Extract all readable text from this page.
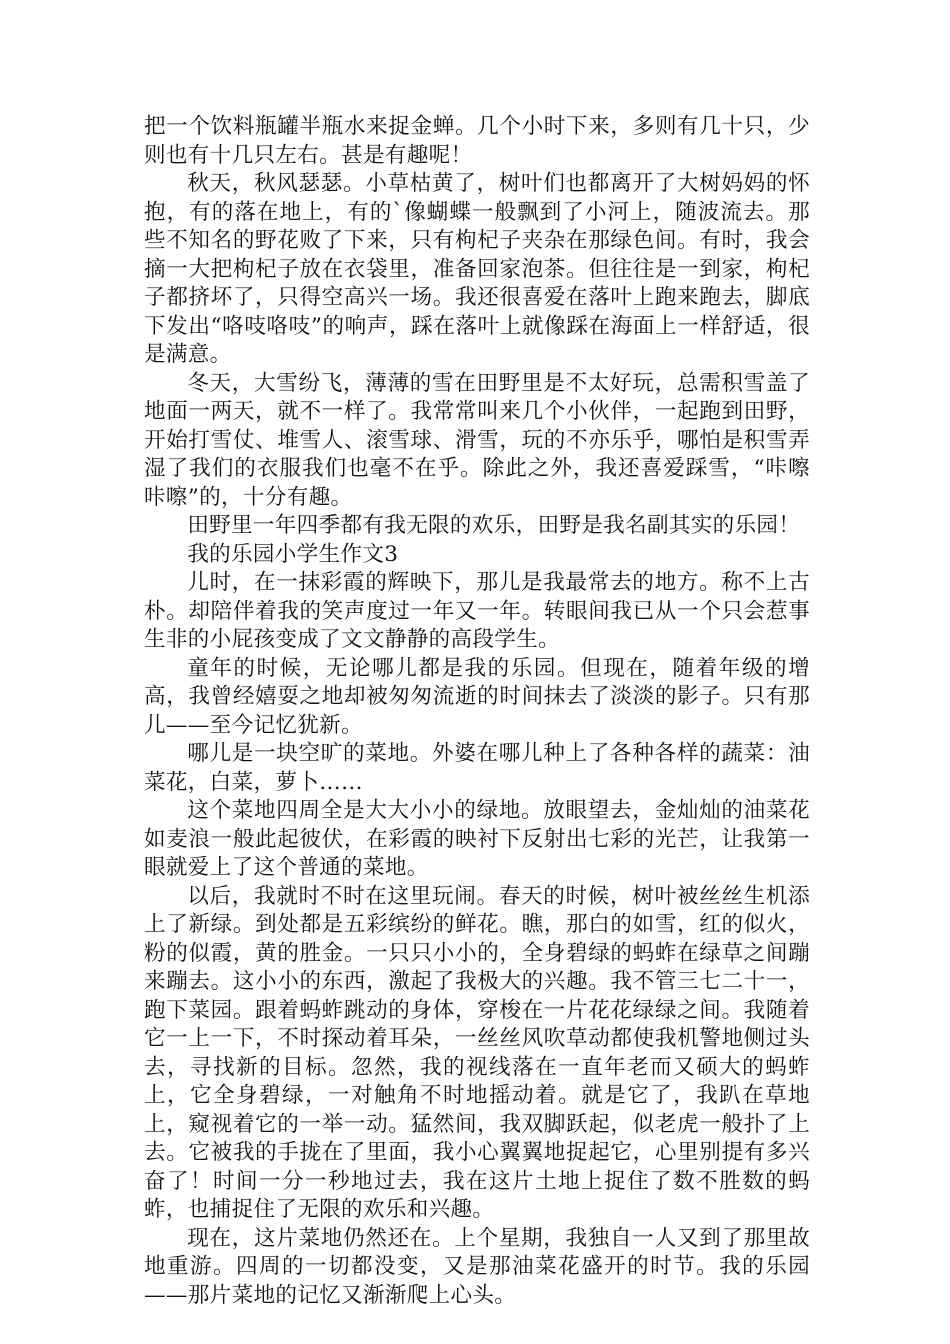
把一个饮料瓶罐半瓶水来捉金蝉。几个小时下来，多则有几十只，少则也有十几只左右。甚是有趣呢！

秋天，秋风瑟瑟。小草枯黄了，树叶们也都离开了大树妈妈的怀抱，有的落在地上，有的`像蝴蝶一般飘到了小河上，随波流去。那些不知名的野花败了下来，只有枸杞子夹杂在那绿色间。有时，我会摘一大把枸杞子放在衣袋里，准备回家泡茶。但往往是一到家，枸杞子都挤坏了，只得空高兴一场。我还很喜爱在落叶上跑来跑去，脚底下发出“咯吱咯吱”的响声，踩在落叶上就像踩在海面上一样舒适，很是满意。

冬天，大雪纷飞，薄薄的雪在田野里是不太好玩，总需积雪盖了地面一两天，就不一样了。我常常叫来几个小伙伴，一起跑到田野，开始打雪仗、堆雪人、滚雪球、滑雪，玩的不亦乐乎，哪怕是积雪弄湿了我们的衣服我们也毫不在乎。除此之外，我还喜爱踩雪，“咔嚓咔嚓”的，十分有趣。

田野里一年四季都有我无限的欢乐，田野是我名副其实的乐园！

我的乐园小学生作文3

儿时，在一抹彩霞的辉映下，那儿是我最常去的地方。称不上古朴。却陪伴着我的笑声度过一年又一年。转眼间我已从一个只会惹事生非的小屁孩变成了文文静静的高段学生。

童年的时候，无论哪儿都是我的乐园。但现在，随着年级的增高，我曾经嬉耍之地却被匆匆流逝的时间抹去了淡淡的影子。只有那儿——至今记忆犹新。

哪儿是一块空旷的菜地。外婆在哪儿种上了各种各样的蔬菜：油菜花，白菜，萝卜……

这个菜地四周全是大大小小的绿地。放眼望去，金灿灿的油菜花如麦浪一般此起彼伏，在彩霞的映衬下反射出七彩的光芒，让我第一眼就爱上了这个普通的菜地。

以后，我就时不时在这里玩闹。春天的时候，树叶被丝丝生机添上了新绿。到处都是五彩缤纷的鲜花。瞧，那白的如雪，红的似火，粉的似霞，黄的胜金。一只只小小的，全身碧绿的蚂蚱在绿草之间蹦来蹦去。这小小的东西，激起了我极大的兴趣。我不管三七二十一，跑下菜园。跟着蚂蚱跳动的身体，穿梭在一片花花绿绿之间。我随着它一上一下，不时探动着耳朵，一丝丝风吹草动都使我机警地侧过头去，寻找新的目标。忽然，我的视线落在一直年老而又硕大的蚂蚱上，它全身碧绿，一对触角不时地摇动着。就是它了，我趴在草地上，窥视着它的一举一动。猛然间，我双脚跃起，似老虎一般扑了上去。它被我的手拢在了里面，我小心翼翼地捉起它，心里别提有多兴奋了！时间一分一秒地过去，我在这片土地上捉住了数不胜数的蚂蚱，也捕捉住了无限的欢乐和兴趣。

现在，这片菜地仍然还在。上个星期，我独自一人又到了那里故地重游。四周的一切都没变，又是那油菜花盛开的时节。我的乐园——那片菜地的记忆又渐渐爬上心头。
